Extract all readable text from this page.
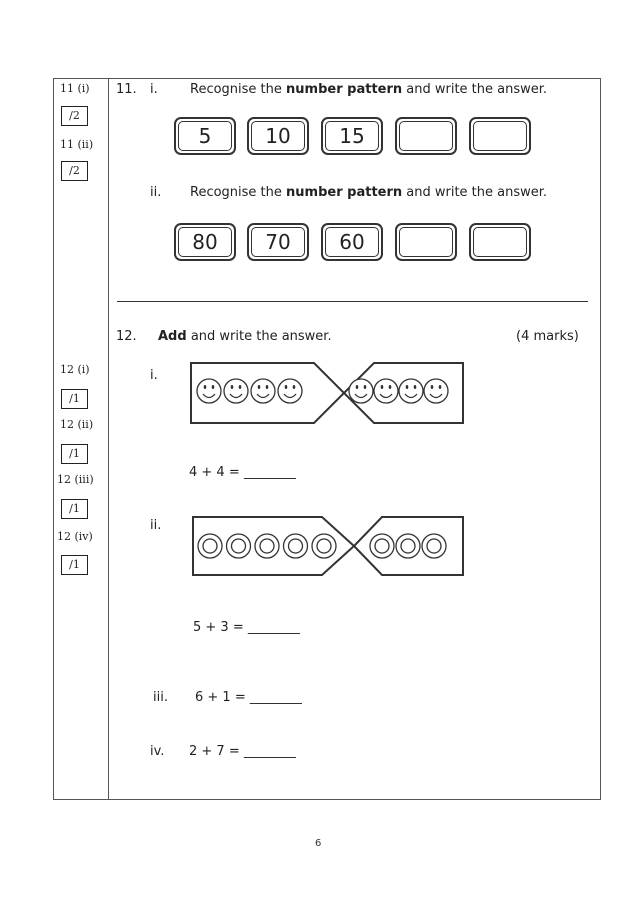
11 (i)
/2
11 (ii)
/2
12 (i)
/1
12 (ii)
/1
12 (iii)
/1
12 (iv)
/1
11. i. Recognise the number pattern and write the answer.
5	10	15
ii. Recognise the number pattern and write the answer.
80	70	60
12. Add and write the answer.	(4 marks)
i.
4 + 4 = ________
ii.
5 + 3 = ________
iii. 6 + 1 = ________
iv. 2 + 7 = ________
6
